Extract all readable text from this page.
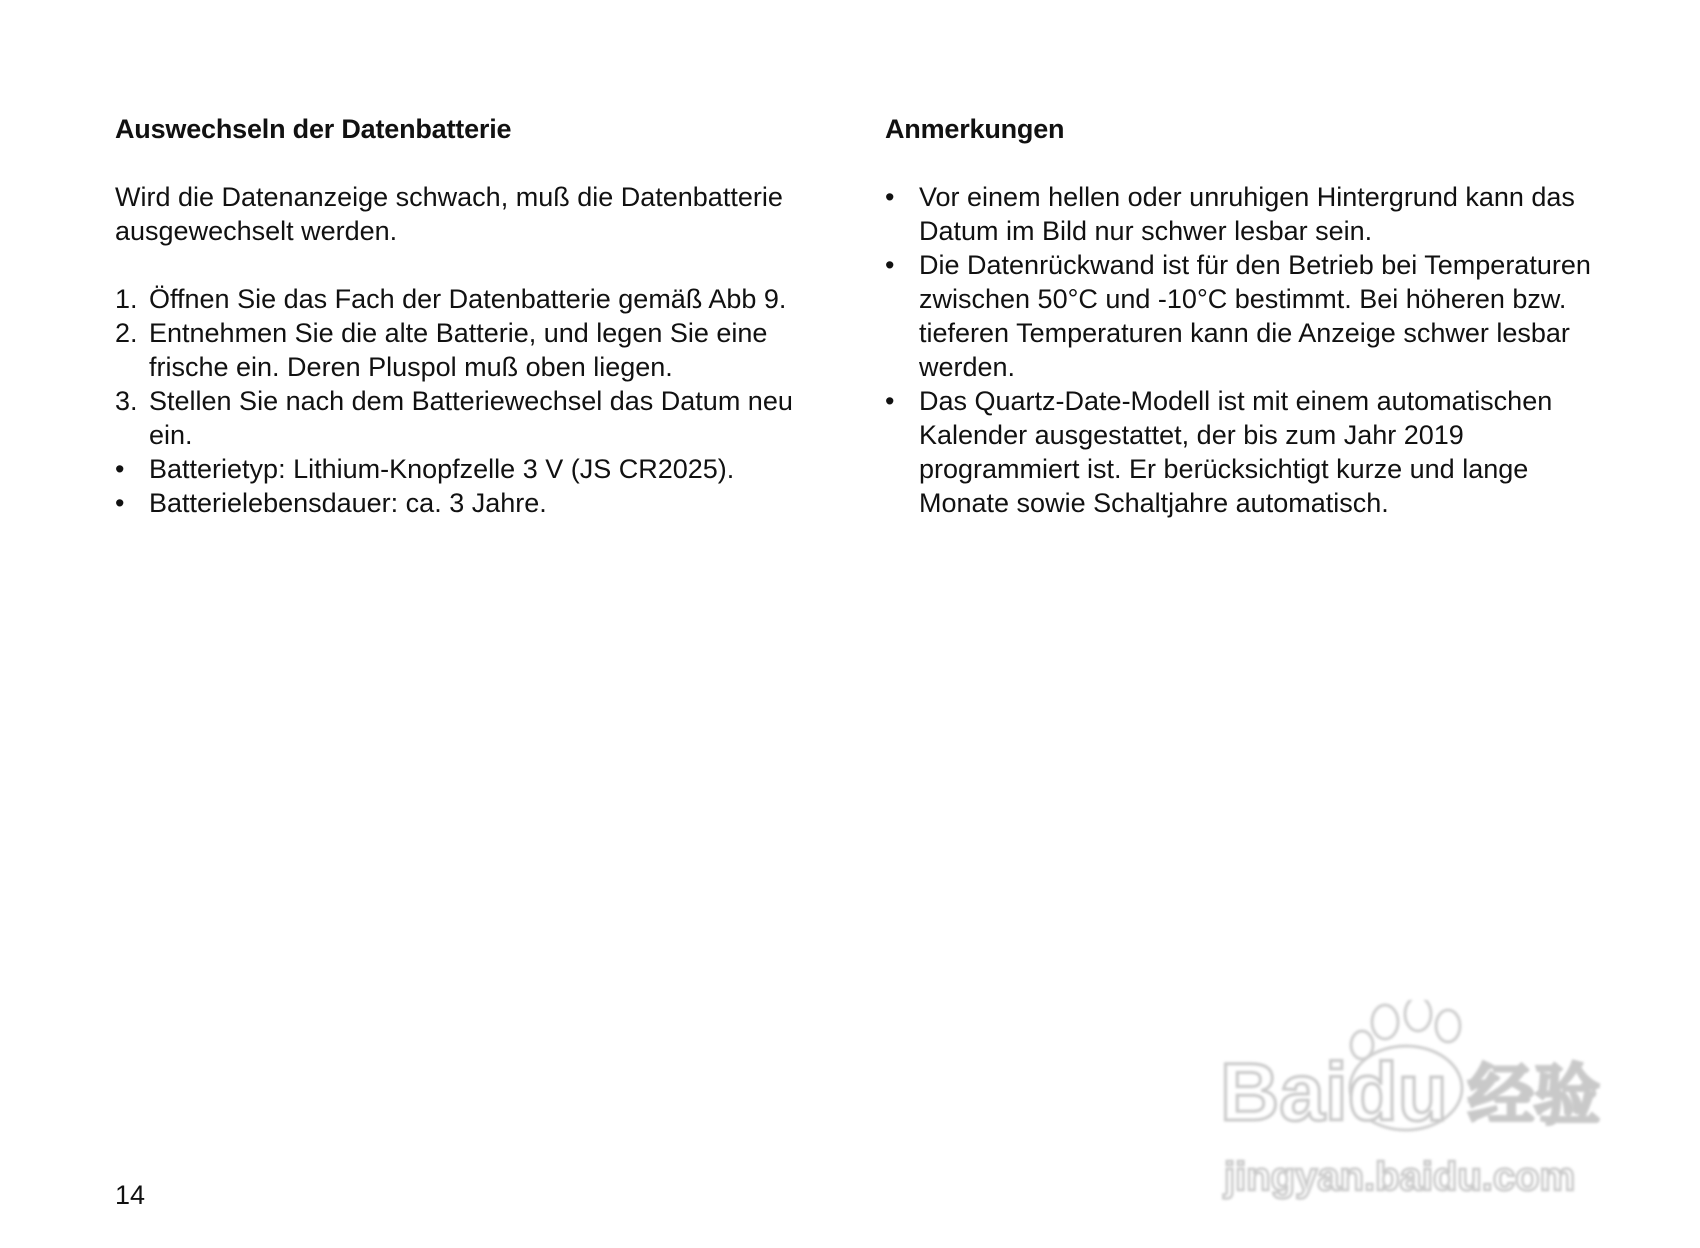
Auswechseln der Datenbatterie

Wird die Datenanzeige schwach, muß die Datenbatterie ausgewechselt werden.

1. Öffnen Sie das Fach der Datenbatterie gemäß Abb 9.
2. Entnehmen Sie die alte Batterie, und legen Sie eine frische ein. Deren Pluspol muß oben liegen.
3. Stellen Sie nach dem Batteriewechsel das Datum neu ein.
• Batterietyp: Lithium-Knopfzelle 3 V (JS CR2025).
• Batterielebensdauer: ca. 3 Jahre.
Anmerkungen
• Vor einem hellen oder unruhigen Hintergrund kann das Datum im Bild nur schwer lesbar sein.
• Die Datenrückwand ist für den Betrieb bei Temperaturen zwischen 50°C und -10°C bestimmt. Bei höheren bzw. tieferen Temperaturen kann die Anzeige schwer lesbar werden.
• Das Quartz-Date-Modell ist mit einem automatischen Kalender ausgestattet, der bis zum Jahr 2019 programmiert ist. Er berücksichtigt kurze und lange Monate sowie Schaltjahre automatisch.
14
Baidu 经验
jingyan.baidu.com
